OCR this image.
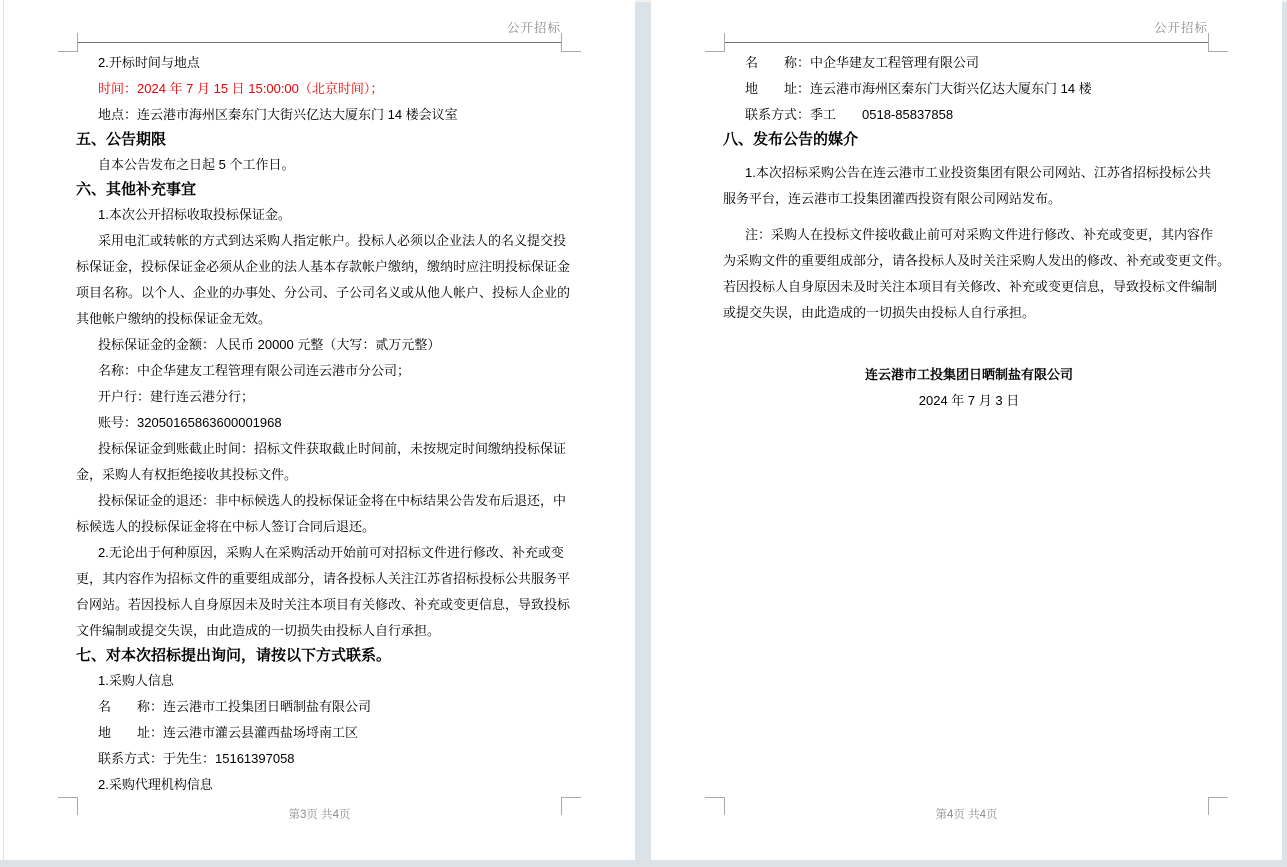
公开招标
2.开标时间与地点
时间：2024 年 7 月 15 日 15:00:00（北京时间）；
地点：连云港市海州区秦东门大街兴亿达大厦东门 14 楼会议室
五、公告期限
自本公告发布之日起 5 个工作日。
六、其他补充事宜
1.本次公开招标收取投标保证金。
采用电汇或转帐的方式到达采购人指定帐户。投标人必须以企业法人的名义提交投
标保证金，投标保证金必须从企业的法人基本存款帐户缴纳，缴纳时应注明投标保证金
项目名称。以个人、企业的办事处、分公司、子公司名义或从他人帐户、投标人企业的
其他帐户缴纳的投标保证金无效。
投标保证金的金额：人民币 20000 元整（大写：贰万元整）
名称：中企华建友工程管理有限公司连云港市分公司；
开户行：建行连云港分行；
账号：32050165863600001968
投标保证金到账截止时间：招标文件获取截止时间前，未按规定时间缴纳投标保证
金，采购人有权拒绝接收其投标文件。
投标保证金的退还：非中标候选人的投标保证金将在中标结果公告发布后退还，中
标候选人的投标保证金将在中标人签订合同后退还。
2.无论出于何种原因，采购人在采购活动开始前可对招标文件进行修改、补充或变
更，其内容作为招标文件的重要组成部分，请各投标人关注江苏省招标投标公共服务平
台网站。若因投标人自身原因未及时关注本项目有关修改、补充或变更信息，导致投标
文件编制或提交失误，由此造成的一切损失由投标人自行承担。
七、对本次招标提出询问，请按以下方式联系。
1.采购人信息
名　　称：连云港市工投集团日晒制盐有限公司
地　　址：连云港市灌云县灌西盐场埒南工区
联系方式：于先生：15161397058
2.采购代理机构信息
第3页 共4页
公开招标
名　　称：中企华建友工程管理有限公司
地　　址：连云港市海州区秦东门大街兴亿达大厦东门 14 楼
联系方式：季工　　0518-85837858
八、发布公告的媒介
1.本次招标采购公告在连云港市工业投资集团有限公司网站、江苏省招标投标公共
服务平台，连云港市工投集团灌西投资有限公司网站发布。
注：采购人在投标文件接收截止前可对采购文件进行修改、补充或变更，其内容作
为采购文件的重要组成部分，请各投标人及时关注采购人发出的修改、补充或变更文件。
若因投标人自身原因未及时关注本项目有关修改、补充或变更信息，导致投标文件编制
或提交失误，由此造成的一切损失由投标人自行承担。
连云港市工投集团日晒制盐有限公司
2024 年 7 月 3 日
第4页 共4页
